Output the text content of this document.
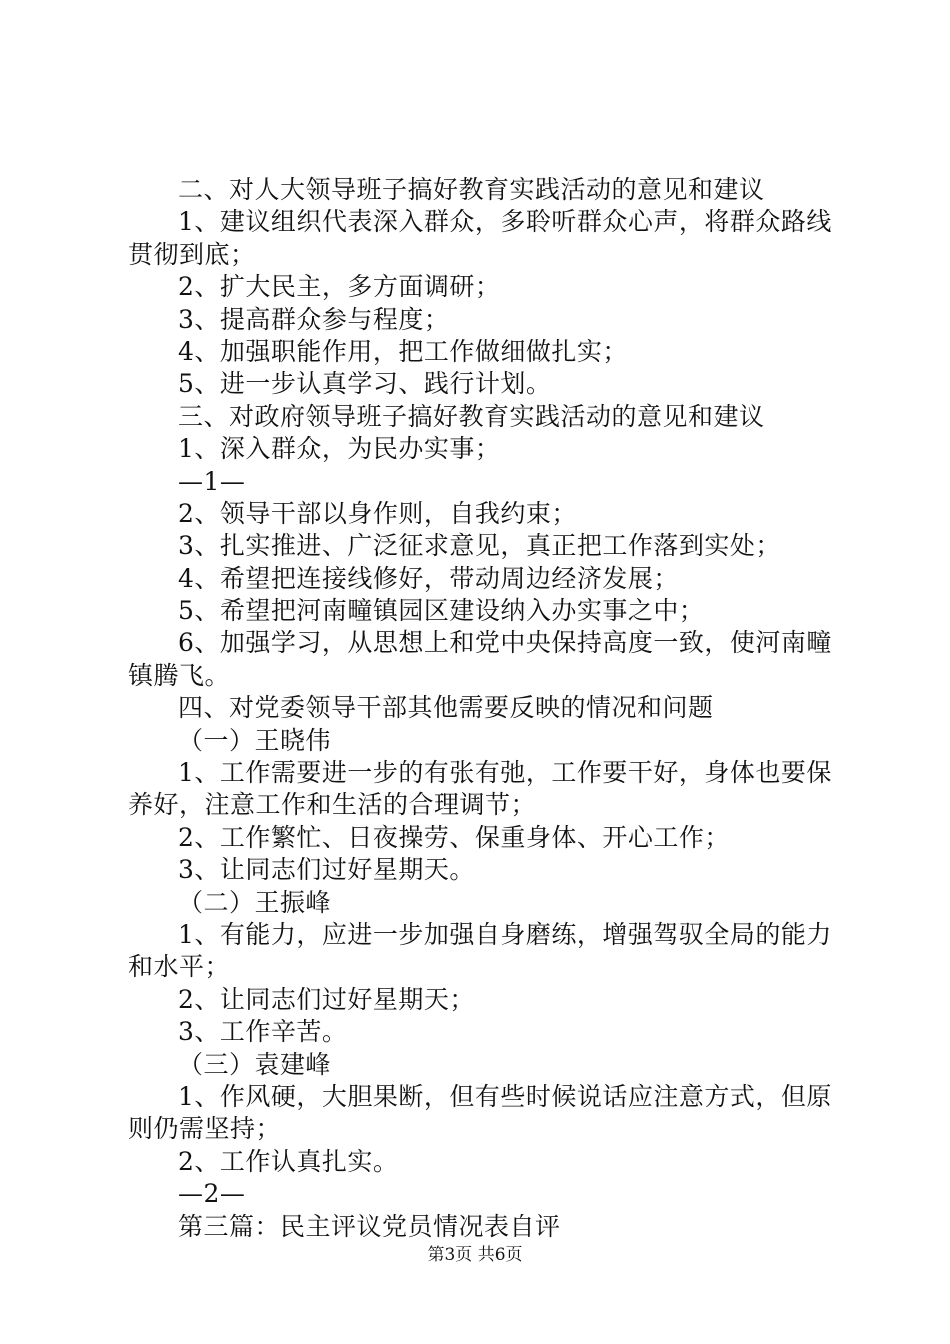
二、对人大领导班子搞好教育实践活动的意见和建议
1、建议组织代表深入群众，多聆听群众心声，将群众路线
贯彻到底；
2、扩大民主，多方面调研；
3、提高群众参与程度；
4、加强职能作用，把工作做细做扎实；
5、进一步认真学习、践行计划。
三、对政府领导班子搞好教育实践活动的意见和建议
1、深入群众，为民办实事；
—1—
2、领导干部以身作则，自我约束；
3、扎实推进、广泛征求意见，真正把工作落到实处；
4、希望把连接线修好，带动周边经济发展；
5、希望把河南疃镇园区建设纳入办实事之中；
6、加强学习，从思想上和党中央保持高度一致，使河南疃
镇腾飞。
四、对党委领导干部其他需要反映的情况和问题
（一）王晓伟
1、工作需要进一步的有张有弛，工作要干好，身体也要保
养好，注意工作和生活的合理调节；
2、工作繁忙、日夜操劳、保重身体、开心工作；
3、让同志们过好星期天。
（二）王振峰
1、有能力，应进一步加强自身磨练，增强驾驭全局的能力
和水平；
2、让同志们过好星期天；
3、工作辛苦。
（三）袁建峰
1、作风硬，大胆果断，但有些时候说话应注意方式，但原
则仍需坚持；
2、工作认真扎实。
—2—
第三篇：民主评议党员情况表自评
第3页 共6页
